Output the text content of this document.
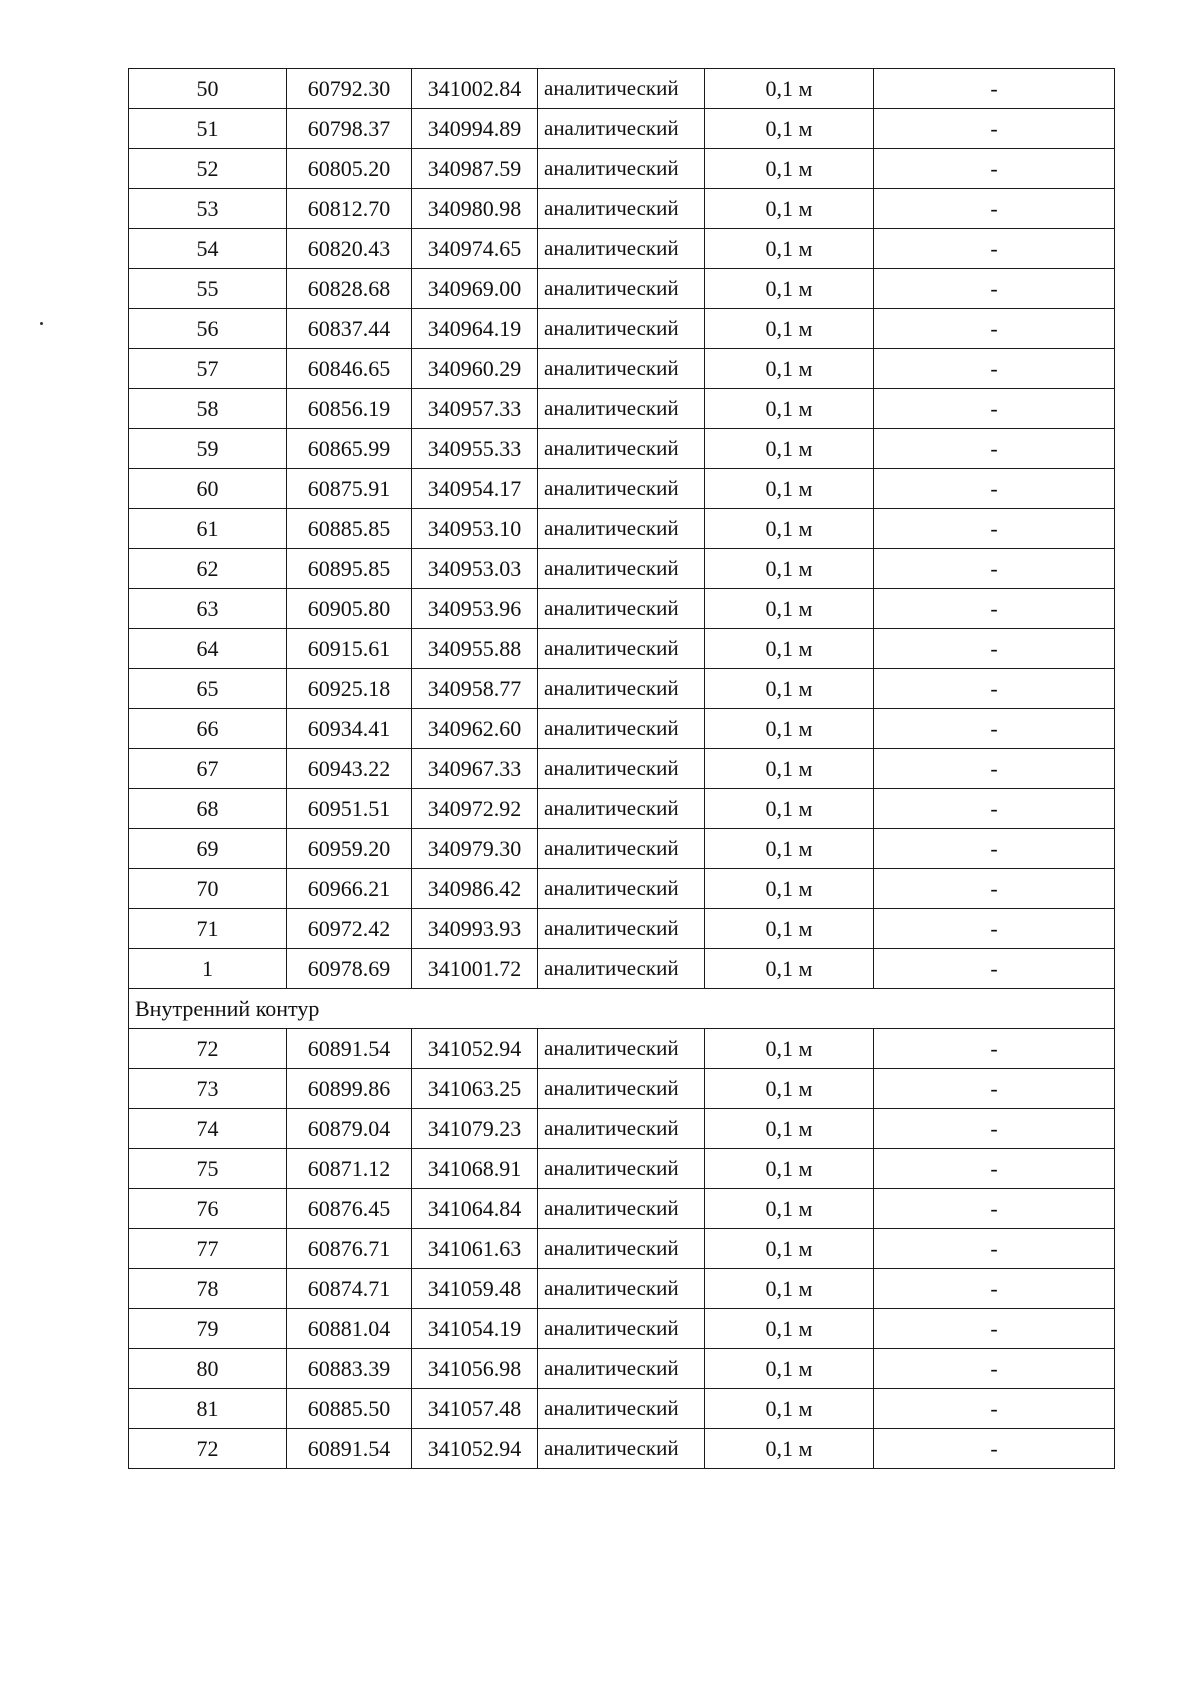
50	60792.30	341002.84	аналитический	0,1 м	-
51	60798.37	340994.89	аналитический	0,1 м	-
52	60805.20	340987.59	аналитический	0,1 м	-
53	60812.70	340980.98	аналитический	0,1 м	-
54	60820.43	340974.65	аналитический	0,1 м	-
55	60828.68	340969.00	аналитический	0,1 м	-
56	60837.44	340964.19	аналитический	0,1 м	-
57	60846.65	340960.29	аналитический	0,1 м	-
58	60856.19	340957.33	аналитический	0,1 м	-
59	60865.99	340955.33	аналитический	0,1 м	-
60	60875.91	340954.17	аналитический	0,1 м	-
61	60885.85	340953.10	аналитический	0,1 м	-
62	60895.85	340953.03	аналитический	0,1 м	-
63	60905.80	340953.96	аналитический	0,1 м	-
64	60915.61	340955.88	аналитический	0,1 м	-
65	60925.18	340958.77	аналитический	0,1 м	-
66	60934.41	340962.60	аналитический	0,1 м	-
67	60943.22	340967.33	аналитический	0,1 м	-
68	60951.51	340972.92	аналитический	0,1 м	-
69	60959.20	340979.30	аналитический	0,1 м	-
70	60966.21	340986.42	аналитический	0,1 м	-
71	60972.42	340993.93	аналитический	0,1 м	-
1	60978.69	341001.72	аналитический	0,1 м	-
Внутренний контур					
72	60891.54	341052.94	аналитический	0,1 м	-
73	60899.86	341063.25	аналитический	0,1 м	-
74	60879.04	341079.23	аналитический	0,1 м	-
75	60871.12	341068.91	аналитический	0,1 м	-
76	60876.45	341064.84	аналитический	0,1 м	-
77	60876.71	341061.63	аналитический	0,1 м	-
78	60874.71	341059.48	аналитический	0,1 м	-
79	60881.04	341054.19	аналитический	0,1 м	-
80	60883.39	341056.98	аналитический	0,1 м	-
81	60885.50	341057.48	аналитический	0,1 м	-
72	60891.54	341052.94	аналитический	0,1 м	-
